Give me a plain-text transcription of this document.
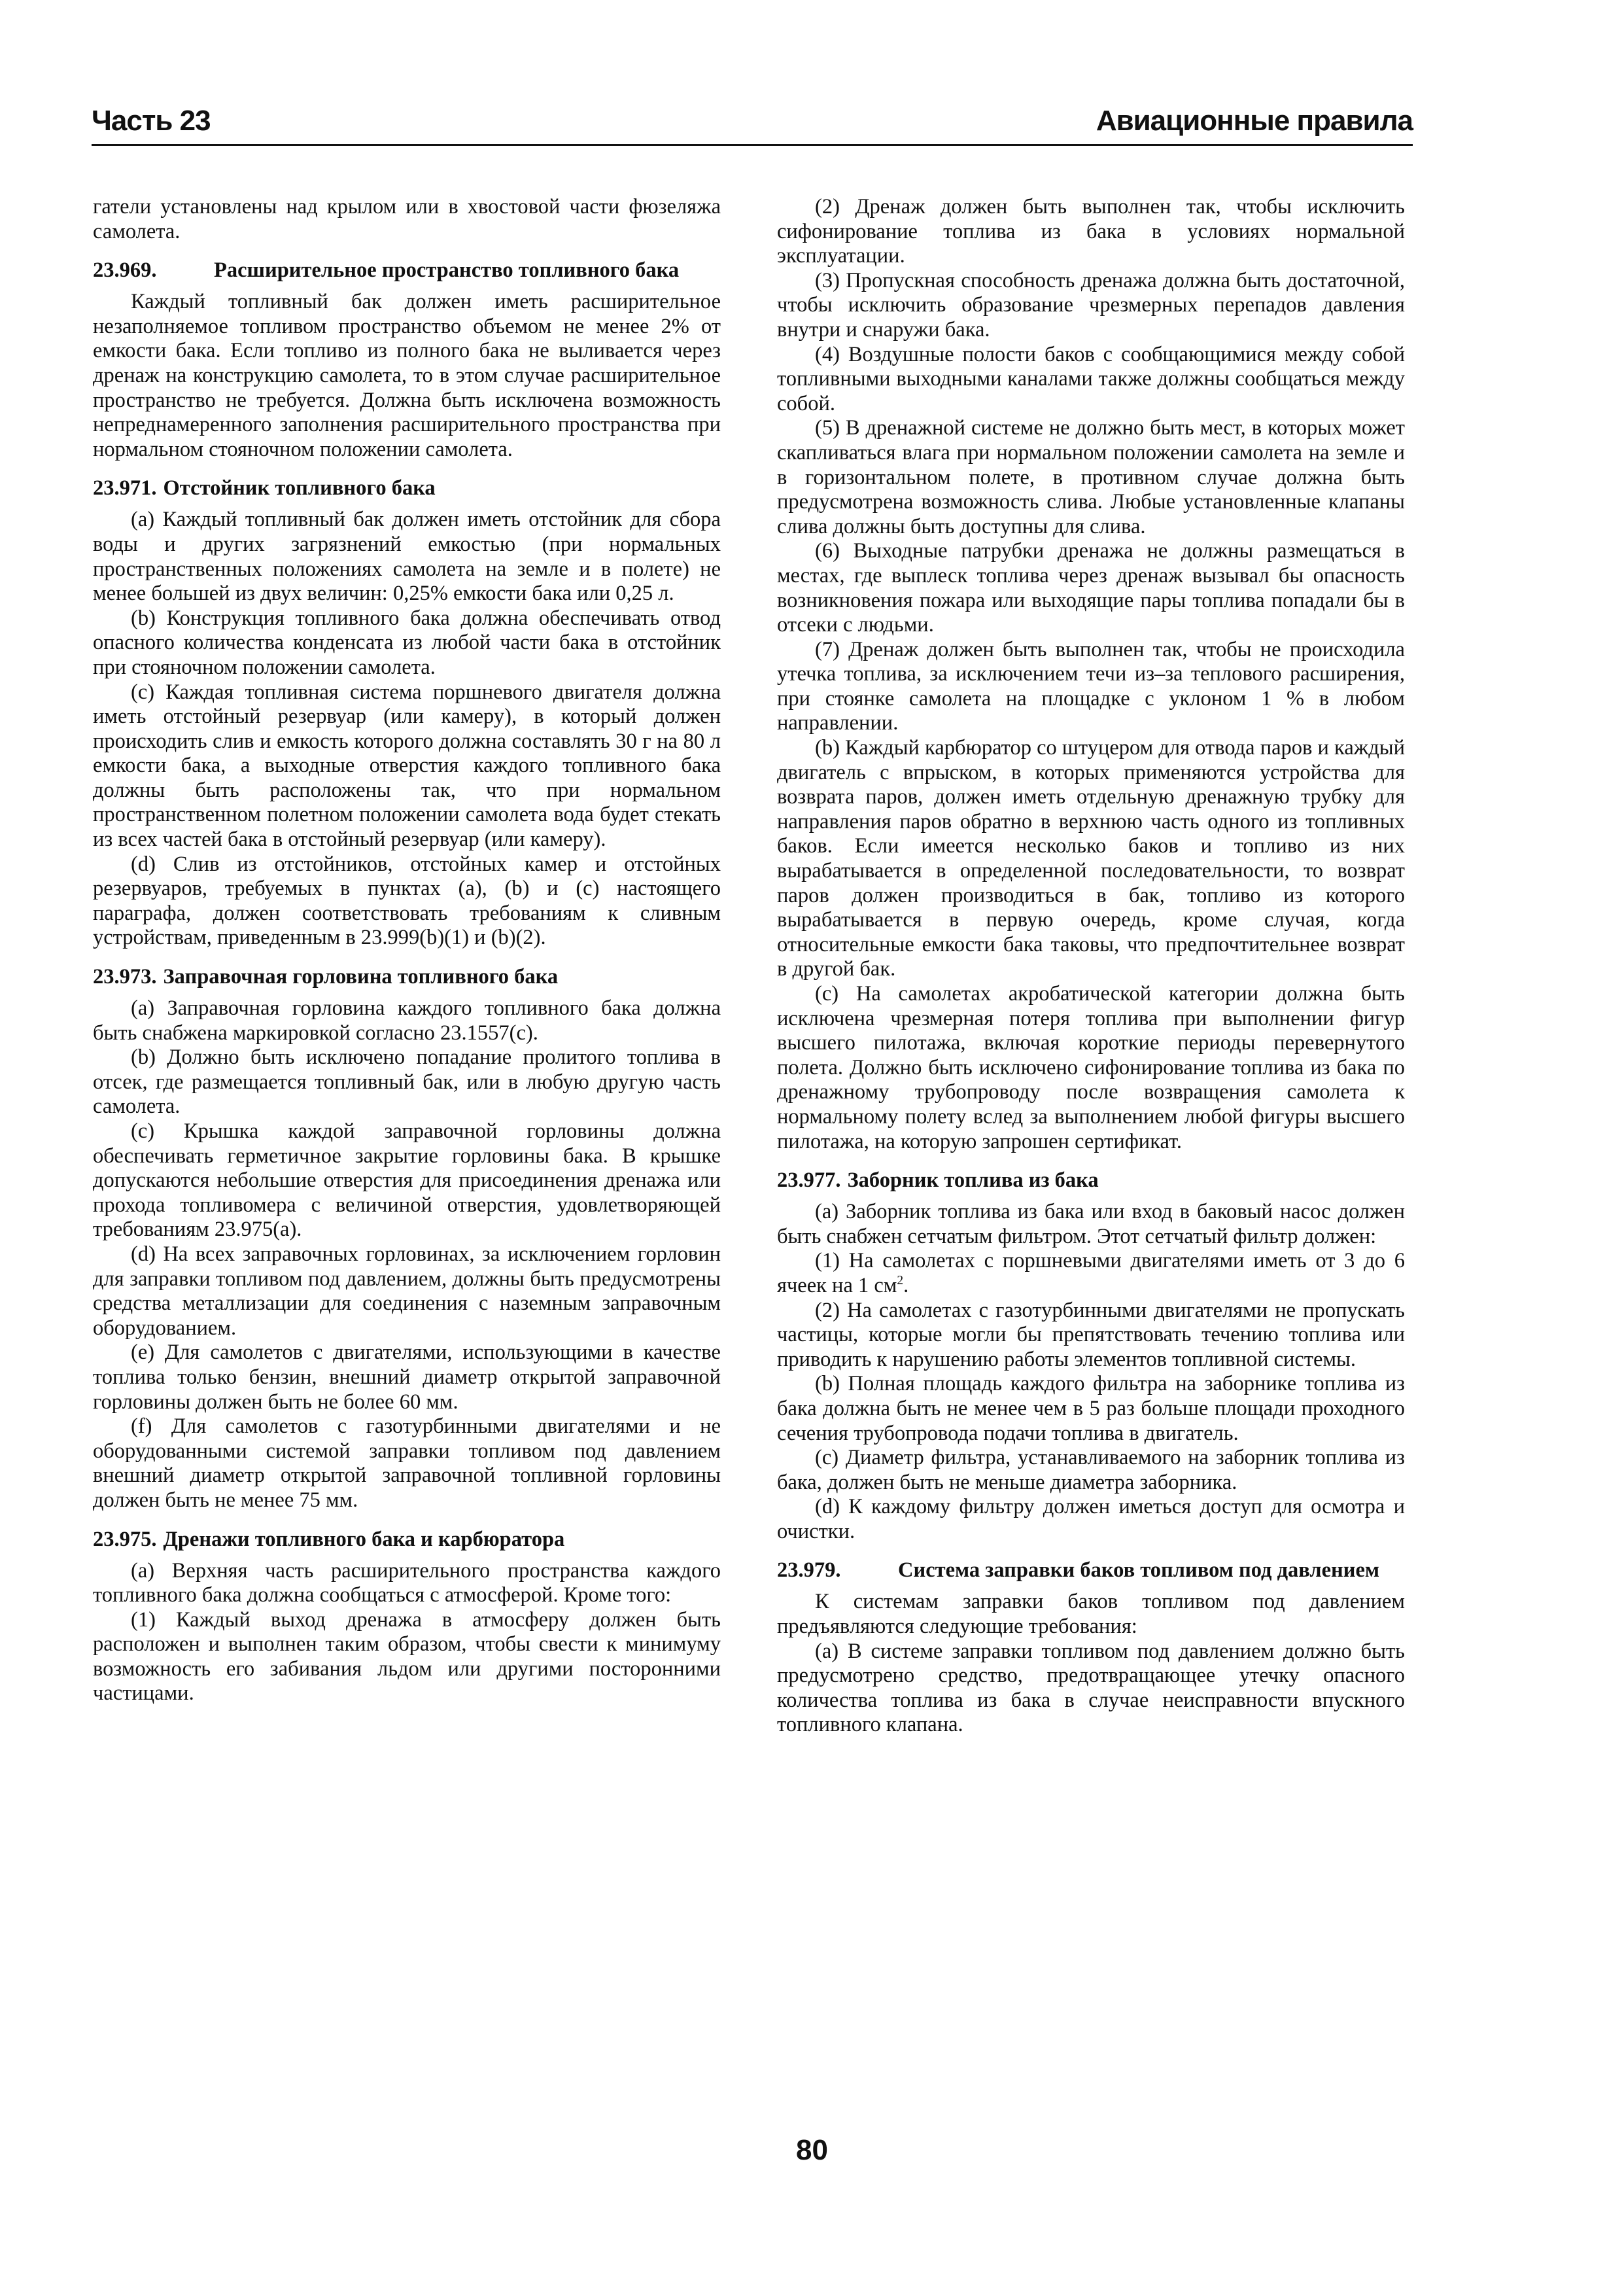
Часть 23	Авиационные правила

гатели установлены над крылом или в хвостовой части фюзеляжа самолета.

23.969.	Расширительное пространство топливного бака

Каждый топливный бак должен иметь расширительное незаполняемое топливом пространство объемом не менее 2% от емкости бака. Если топливо из полного бака не выливается через дренаж на конструкцию самолета, то в этом случае расширительное пространство не требуется. Должна быть исключена возможность непреднамеренного заполнения расширительного пространства при нормальном стояночном положении самолета.

23.971. Отстойник топливного бака

(a) Каждый топливный бак должен иметь отстойник для сбора воды и других загрязнений емкостью (при нормальных пространственных положениях самолета на земле и в полете) не менее большей из двух величин: 0,25% емкости бака или 0,25 л.

(b) Конструкция топливного бака должна обеспечивать отвод опасного количества конденсата из любой части бака в отстойник при стояночном положении самолета.

(c) Каждая топливная система поршневого двигателя должна иметь отстойный резервуар (или камеру), в который должен происходить слив и емкость которого должна составлять 30 г на 80 л емкости бака, а выходные отверстия каждого топливного бака должны быть расположены так, что при нормальном пространственном полетном положении самолета вода будет стекать из всех частей бака в отстойный резервуар (или камеру).

(d) Слив из отстойников, отстойных камер и отстойных резервуаров, требуемых в пунктах (а), (b) и (c) настоящего параграфа, должен соответствовать требованиям к сливным устройствам, приведенным в 23.999(b)(1) и (b)(2).

23.973. Заправочная горловина топливного бака

(a) Заправочная горловина каждого топливного бака должна быть снабжена маркировкой согласно 23.1557(c).

(b) Должно быть исключено попадание пролитого топлива в отсек, где размещается топливный бак, или в любую другую часть самолета.

(c) Крышка каждой заправочной горловины должна обеспечивать герметичное закрытие горловины бака. В крышке допускаются небольшие отверстия для присоединения дренажа или прохода топливомера с величиной отверстия, удовлетворяющей требованиям 23.975(a).

(d) На всех заправочных горловинах, за исключением горловин для заправки топливом под давлением, должны быть предусмотрены средства металлизации для соединения с наземным заправочным оборудованием.

(e) Для самолетов с двигателями, использующими в качестве топлива только бензин, внешний диаметр открытой заправочной горловины должен быть не более 60 мм.

(f) Для самолетов с газотурбинными двигателями и не оборудованными системой заправки топливом под давлением внешний диаметр открытой заправочной топливной горловины должен быть не менее 75 мм.

23.975. Дренажи топливного бака и карбюратора

(a) Верхняя часть расширительного пространства каждого топливного бака должна сообщаться с атмосферой. Кроме того:

(1) Каждый выход дренажа в атмосферу должен быть расположен и выполнен таким образом, чтобы свести к минимуму возможность его забивания льдом или другими посторонними частицами.

(2) Дренаж должен быть выполнен так, чтобы исключить сифонирование топлива из бака в условиях нормальной эксплуатации.

(3) Пропускная способность дренажа должна быть достаточной, чтобы исключить образование чрезмерных перепадов давления внутри и снаружи бака.

(4) Воздушные полости баков с сообщающимися между собой топливными выходными каналами также должны сообщаться между собой.

(5) В дренажной системе не должно быть мест, в которых может скапливаться влага при нормальном положении самолета на земле и в горизонтальном полете, в противном случае должна быть предусмотрена возможность слива. Любые установленные клапаны слива должны быть доступны для слива.

(6) Выходные патрубки дренажа не должны размещаться в местах, где выплеск топлива через дренаж вызывал бы опасность возникновения пожара или выходящие пары топлива попадали бы в отсеки с людьми.

(7) Дренаж должен быть выполнен так, чтобы не происходила утечка топлива, за исключением течи из–за теплового расширения, при стоянке самолета на площадке с уклоном 1 % в любом направлении.

(b) Каждый карбюратор со штуцером для отвода паров и каждый двигатель с впрыском, в которых применяются устройства для возврата паров, должен иметь отдельную дренажную трубку для направления паров обратно в верхнюю часть одного из топливных баков. Если имеется несколько баков и топливо из них вырабатывается в определенной последовательности, то возврат паров должен производиться в бак, топливо из которого вырабатывается в первую очередь, кроме случая, когда относительные емкости бака таковы, что предпочтительнее возврат в другой бак.

(c) На самолетах акробатической категории должна быть исключена чрезмерная потеря топлива при выполнении фигур высшего пилотажа, включая короткие периоды перевернутого полета. Должно быть исключено сифонирование топлива из бака по дренажному трубопроводу после возвращения самолета к нормальному полету вслед за выполнением любой фигуры высшего пилотажа, на которую запрошен сертификат.

23.977. Заборник топлива из бака

(a) Заборник топлива из бака или вход в баковый насос должен быть снабжен сетчатым фильтром. Этот сетчатый фильтр должен:

(1) На самолетах с поршневыми двигателями иметь от 3 до 6 ячеек на 1 $см^2$.

(2) На самолетах с газотурбинными двигателями не пропускать частицы, которые могли бы препятствовать течению топлива или приводить к нарушению работы элементов топливной системы.

(b) Полная площадь каждого фильтра на заборнике топлива из бака должна быть не менее чем в 5 раз больше площади проходного сечения трубопровода подачи топлива в двигатель.

(c) Диаметр фильтра, устанавливаемого на заборник топлива из бака, должен быть не меньше диаметра заборника.

(d) К каждому фильтру должен иметься доступ для осмотра и очистки.

23.979.	Система заправки баков топливом под давлением

К системам заправки баков топливом под давлением предъявляются следующие требования:

(a) В системе заправки топливом под давлением должно быть предусмотрено средство, предотвращающее утечку опасного количества топлива из бака в случае неисправности впускного топливного клапана.

80
